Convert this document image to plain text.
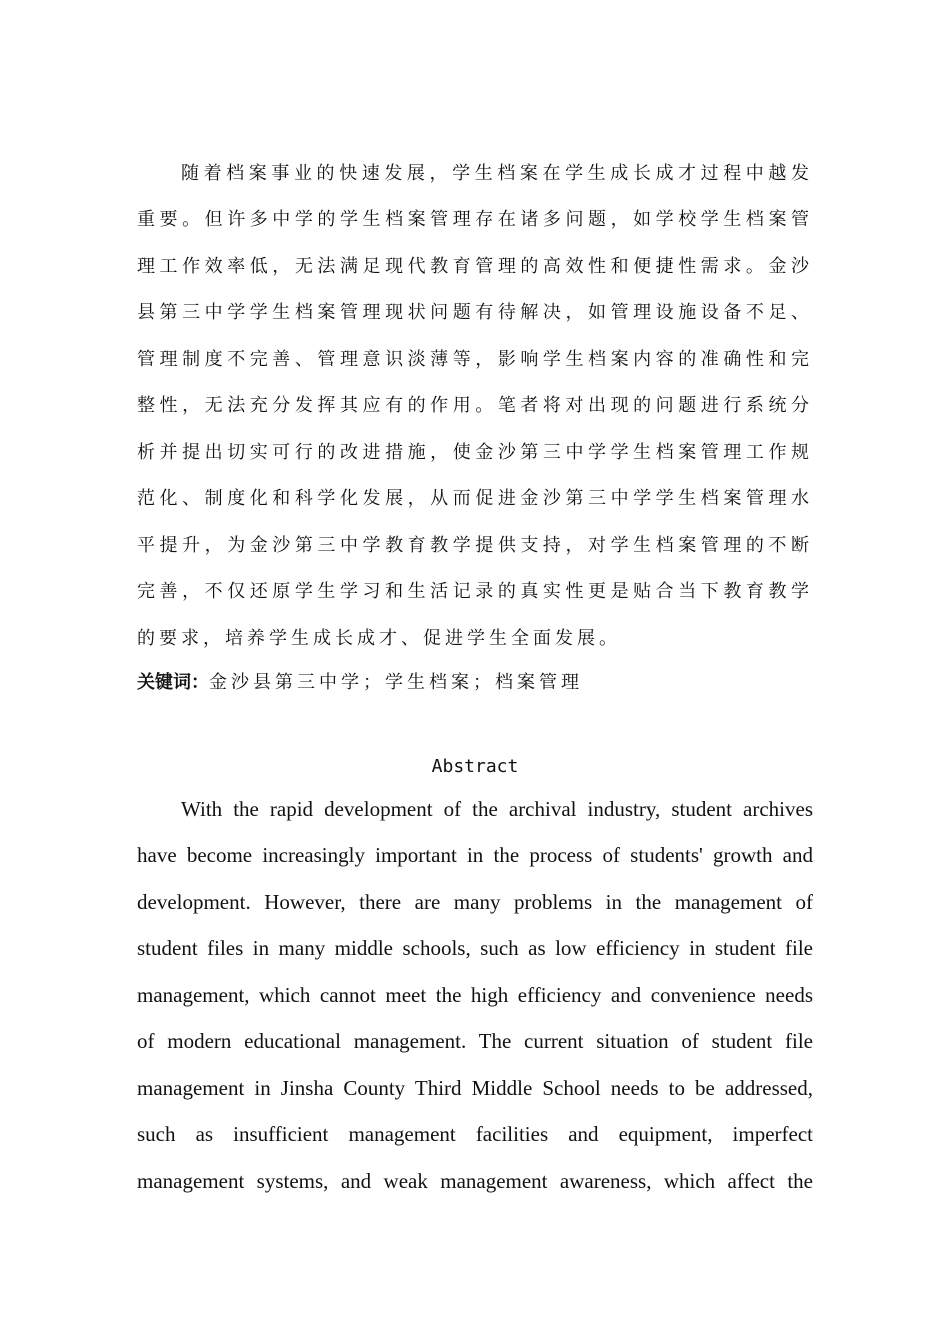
随着档案事业的快速发展，学生档案在学生成长成才过程中越发
重要。但许多中学的学生档案管理存在诸多问题，如学校学生档案管
理工作效率低，无法满足现代教育管理的高效性和便捷性需求。金沙
县第三中学学生档案管理现状问题有待解决，如管理设施设备不足、
管理制度不完善、管理意识淡薄等，影响学生档案内容的准确性和完
整性，无法充分发挥其应有的作用。笔者将对出现的问题进行系统分
析并提出切实可行的改进措施，使金沙第三中学学生档案管理工作规
范化、制度化和科学化发展，从而促进金沙第三中学学生档案管理水
平提升，为金沙第三中学教育教学提供支持，对学生档案管理的不断
完善，不仅还原学生学习和生活记录的真实性更是贴合当下教育教学
的要求，培养学生成长成才、促进学生全面发展。
关键词：金沙县第三中学；学生档案；档案管理
Abstract
With the rapid development of the archival industry, student archives
have become increasingly important in the process of students' growth and
development. However, there are many problems in the management of
student files in many middle schools, such as low efficiency in student file
management, which cannot meet the high efficiency and convenience needs
of modern educational management. The current situation of student file
management in Jinsha County Third Middle School needs to be addressed,
such as insufficient management facilities and equipment, imperfect
management systems, and weak management awareness, which affect the
